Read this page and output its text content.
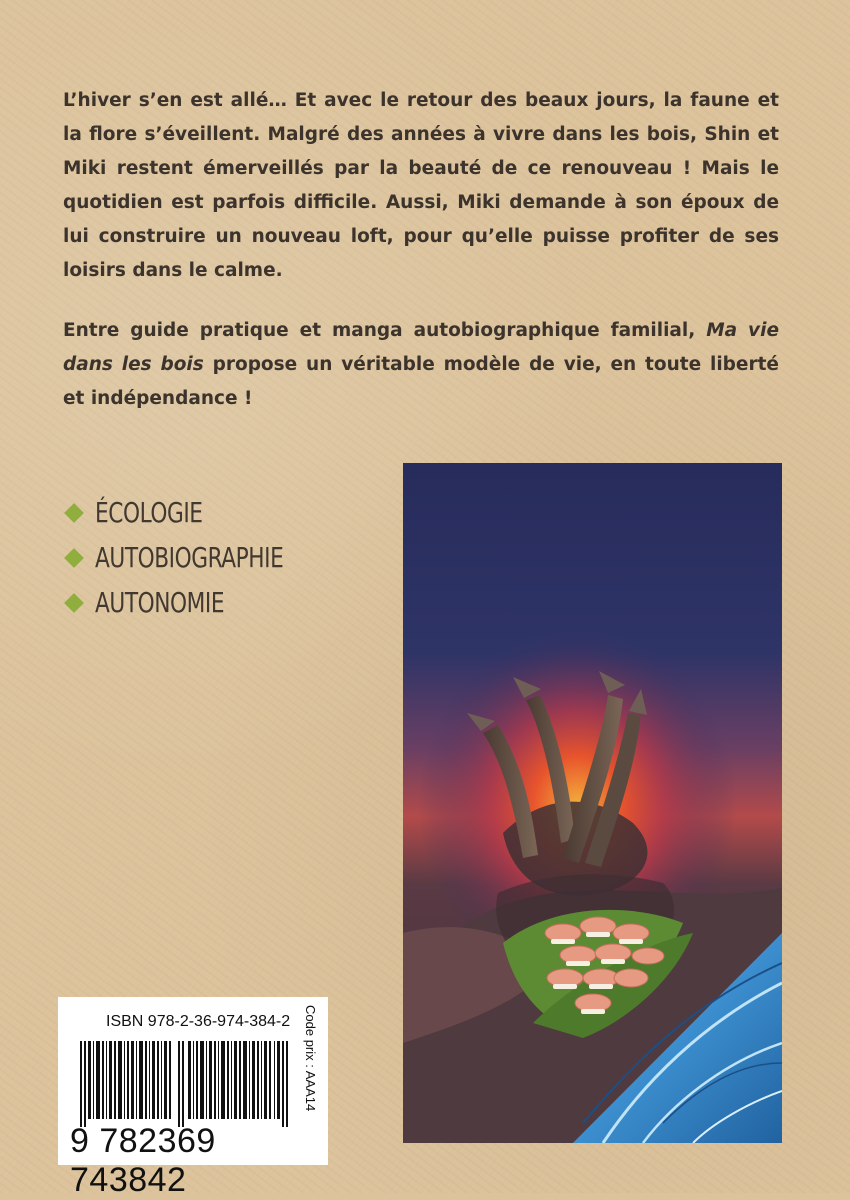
L’hiver s’en est allé… Et avec le retour des beaux jours, la faune et la flore s’éveillent. Malgré des années à vivre dans les bois, Shin et Miki restent émerveillés par la beauté de ce renouveau ! Mais le quotidien est parfois difficile. Aussi, Miki demande à son époux de lui construire un nouveau loft, pour qu’elle puisse profiter de ses loisirs dans le calme.

Entre guide pratique et manga autobiographique familial, Ma vie dans les bois propose un véritable modèle de vie, en toute liberté et indépendance !

ÉCOLOGIE
AUTOBIOGRAPHIE
AUTONOMIE
ISBN 978-2-36-974-384-2
9 782369 743842
Code prix : AAA14
